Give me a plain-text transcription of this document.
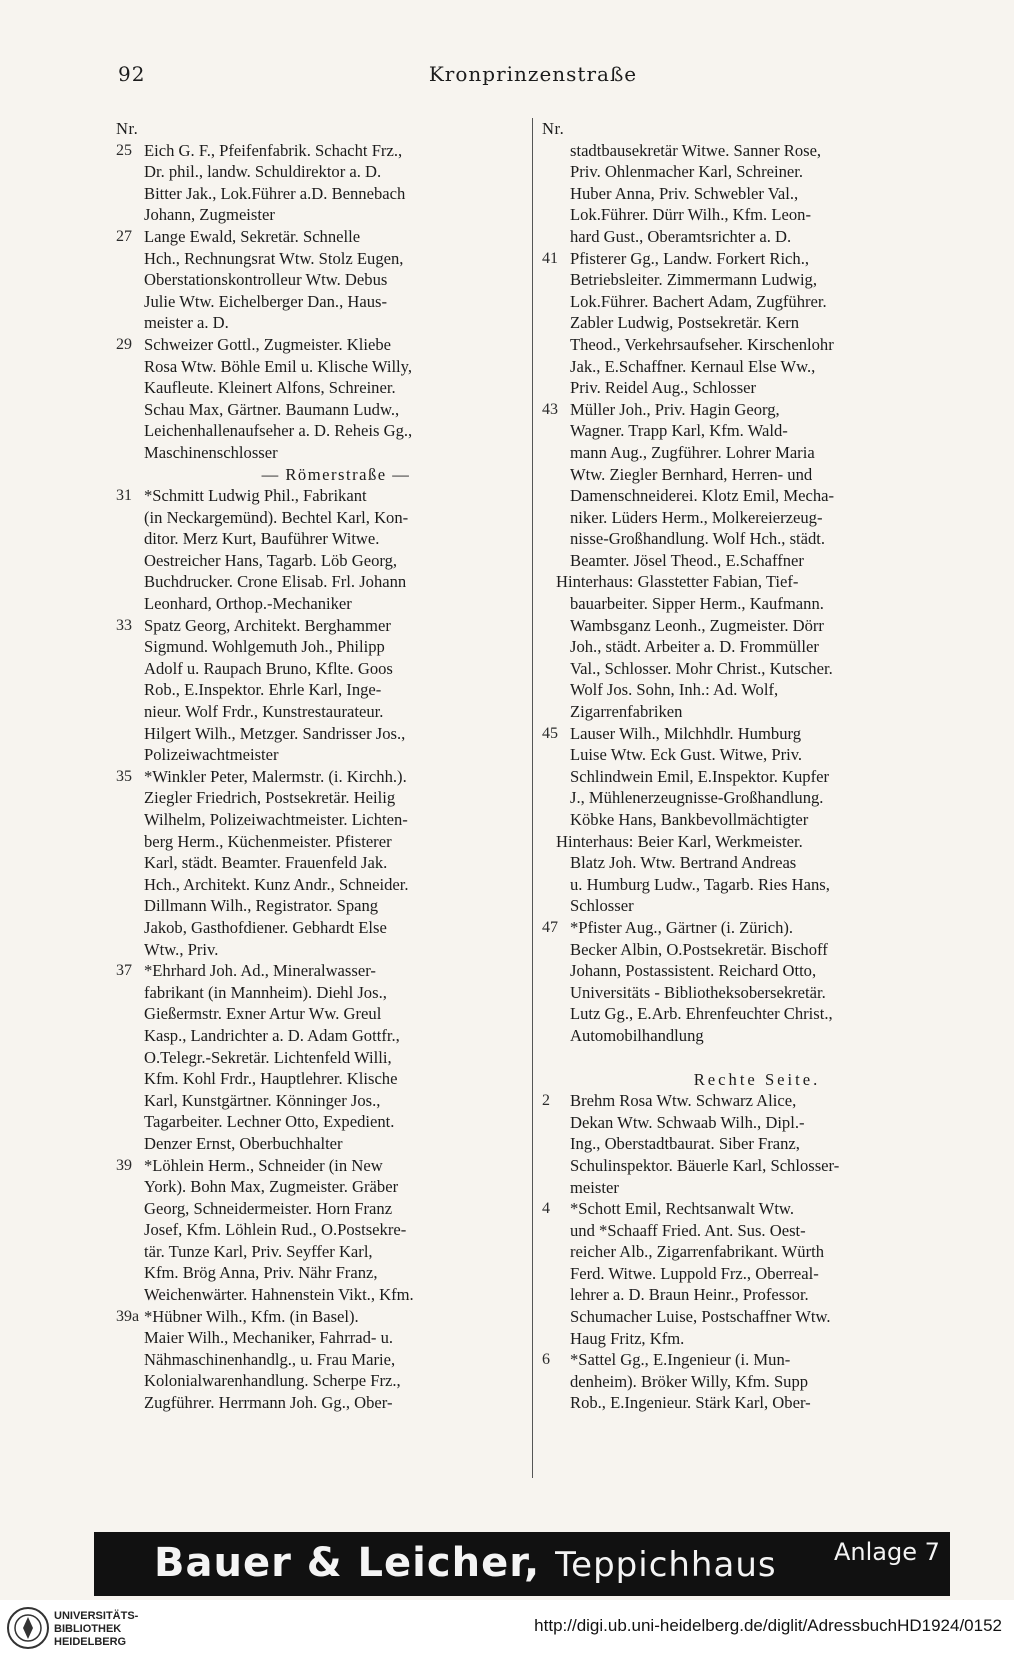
92	Kronprinzenstraße
Nr.
25 Eich G. F., Pfeifenfabrik. Schacht Frz.,
Dr. phil., landw. Schuldirektor a. D.
Bitter Jak., Lok.Führer a.D. Bennebach
Johann, Zugmeister
27 Lange Ewald, Sekretär. Schnelle
Hch., Rechnungsrat Wtw. Stolz Eugen,
Oberstationskontrolleur Wtw. Debus
Julie Wtw. Eichelberger Dan., Haus-
meister a. D.
29 Schweizer Gottl., Zugmeister. Kliebe
Rosa Wtw. Böhle Emil u. Klische Willy,
Kaufleute. Kleinert Alfons, Schreiner.
Schau Max, Gärtner. Baumann Ludw.,
Leichenhallenaufseher a. D. Reheis Gg.,
Maschinenschlosser
— Römerstraße —
31 *Schmitt Ludwig Phil., Fabrikant
(in Neckargemünd). Bechtel Karl, Kon-
ditor. Merz Kurt, Bauführer Witwe.
Oestreicher Hans, Tagarb. Löb Georg,
Buchdrucker. Crone Elisab. Frl. Johann
Leonhard, Orthop.-Mechaniker
33 Spatz Georg, Architekt. Berghammer
Sigmund. Wohlgemuth Joh., Philipp
Adolf u. Raupach Bruno, Kflte. Goos
Rob., E.Inspektor. Ehrle Karl, Inge-
nieur. Wolf Frdr., Kunstrestaurateur.
Hilgert Wilh., Metzger. Sandrisser Jos.,
Polizeiwachtmeister
35 *Winkler Peter, Malermstr. (i. Kirchh.).
Ziegler Friedrich, Postsekretär. Heilig
Wilhelm, Polizeiwachtmeister. Lichten-
berg Herm., Küchenmeister. Pfisterer
Karl, städt. Beamter. Frauenfeld Jak.
Hch., Architekt. Kunz Andr., Schneider.
Dillmann Wilh., Registrator. Spang
Jakob, Gasthofdiener. Gebhardt Else
Wtw., Priv.
37 *Ehrhard Joh. Ad., Mineralwasser-
fabrikant (in Mannheim). Diehl Jos.,
Gießermstr. Exner Artur Ww. Greul
Kasp., Landrichter a. D. Adam Gottfr.,
O.Telegr.-Sekretär. Lichtenfeld Willi,
Kfm. Kohl Frdr., Hauptlehrer. Klische
Karl, Kunstgärtner. Könninger Jos.,
Tagarbeiter. Lechner Otto, Expedient.
Denzer Ernst, Oberbuchhalter
39 *Löhlein Herm., Schneider (in New
York). Bohn Max, Zugmeister. Gräber
Georg, Schneidermeister. Horn Franz
Josef, Kfm. Löhlein Rud., O.Postsekre-
tär. Tunze Karl, Priv. Seyffer Karl,
Kfm. Brög Anna, Priv. Nähr Franz,
Weichenwärter. Hahnenstein Vikt., Kfm.
39a *Hübner Wilh., Kfm. (in Basel).
Maier Wilh., Mechaniker, Fahrrad- u.
Nähmaschinenhandlg., u. Frau Marie,
Kolonialwarenhandlung. Scherpe Frz.,
Zugführer. Herrmann Joh. Gg., Ober-
Nr.
stadtbausekretär Witwe. Sanner Rose,
Priv. Ohlenmacher Karl, Schreiner.
Huber Anna, Priv. Schwebler Val.,
Lok.Führer. Dürr Wilh., Kfm. Leon-
hard Gust., Oberamtsrichter a. D.
41 Pfisterer Gg., Landw. Forkert Rich.,
Betriebsleiter. Zimmermann Ludwig,
Lok.Führer. Bachert Adam, Zugführer.
Zabler Ludwig, Postsekretär. Kern
Theod., Verkehrsaufseher. Kirschenlohr
Jak., E.Schaffner. Kernaul Else Ww.,
Priv. Reidel Aug., Schlosser
43 Müller Joh., Priv. Hagin Georg,
Wagner. Trapp Karl, Kfm. Wald-
mann Aug., Zugführer. Lohrer Maria
Wtw. Ziegler Bernhard, Herren- und
Damenschneiderei. Klotz Emil, Mecha-
niker. Lüders Herm., Molkereierzeug-
nisse-Großhandlung. Wolf Hch., städt.
Beamter. Jösel Theod., E.Schaffner
Hinterhaus: Glasstetter Fabian, Tief-
bauarbeiter. Sipper Herm., Kaufmann.
Wambsganz Leonh., Zugmeister. Dörr
Joh., städt. Arbeiter a. D. Frommüller
Val., Schlosser. Mohr Christ., Kutscher.
Wolf Jos. Sohn, Inh.: Ad. Wolf,
Zigarrenfabriken
45 Lauser Wilh., Milchhdlr. Humburg
Luise Wtw. Eck Gust. Witwe, Priv.
Schlindwein Emil, E.Inspektor. Kupfer
J., Mühlenerzeugnisse-Großhandlung.
Köbke Hans, Bankbevollmächtigter
Hinterhaus: Beier Karl, Werkmeister.
Blatz Joh. Wtw. Bertrand Andreas
u. Humburg Ludw., Tagarb. Ries Hans,
Schlosser
47 *Pfister Aug., Gärtner (i. Zürich).
Becker Albin, O.Postsekretär. Bischoff
Johann, Postassistent. Reichard Otto,
Universitäts - Bibliotheksobersekretär.
Lutz Gg., E.Arb. Ehrenfeuchter Christ.,
Automobilhandlung
Rechte Seite.
2	Brehm Rosa Wtw. Schwarz Alice,
Dekan Wtw. Schwaab Wilh., Dipl.-
Ing., Oberstadtbaurat. Siber Franz,
Schulinspektor. Bäuerle Karl, Schlosser-
meister
4	*Schott Emil, Rechtsanwalt Wtw.
und *Schaaff Fried. Ant. Sus. Oest-
reicher Alb., Zigarrenfabrikant. Würth
Ferd. Witwe. Luppold Frz., Oberreal-
lehrer a. D. Braun Heinr., Professor.
Schumacher Luise, Postschaffner Wtw.
Haug Fritz, Kfm.
6	*Sattel Gg., E.Ingenieur (i. Mun-
denheim). Bröker Willy, Kfm. Supp
Rob., E.Ingenieur. Stärk Karl, Ober-
Bauer & Leicher, Teppichhaus Anlage 7
UNIVERSITÄTS-
BIBLIOTHEK
HEIDELBERG
http://digi.ub.uni-heidelberg.de/diglit/AdressbuchHD1924/0152
